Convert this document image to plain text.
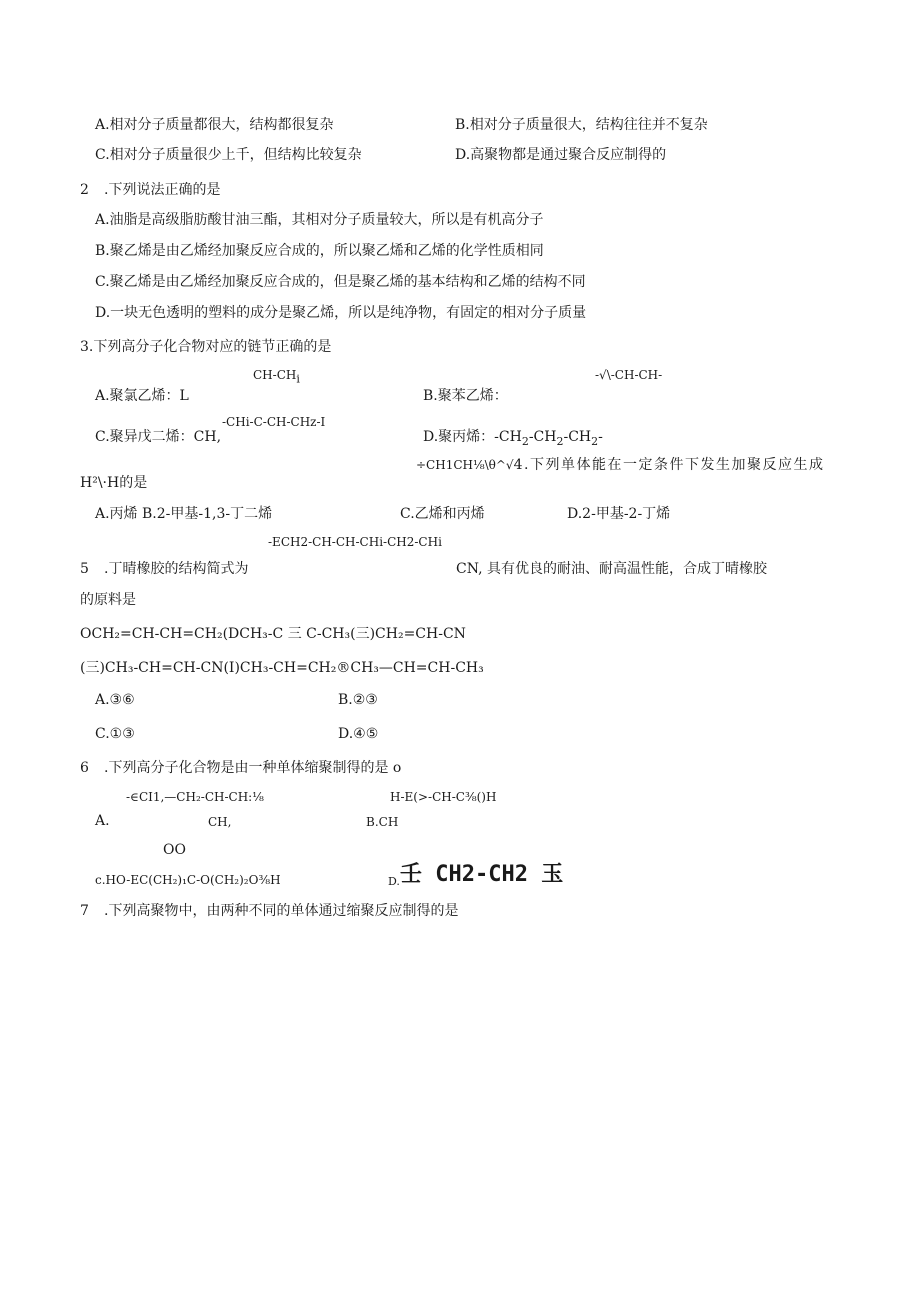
A.相对分子质量都很大，结构都很复杂	B.相对分子质量很大，结构往往并不复杂
C.相对分子质量很少上千，但结构比较复杂	D.高聚物都是通过聚合反应制得的
2 .下列说法正确的是
A.油脂是高级脂肪酸甘油三酯，其相对分子质量较大，所以是有机高分子
B.聚乙烯是由乙烯经加聚反应合成的，所以聚乙烯和乙烯的化学性质相同
C.聚乙烯是由乙烯经加聚反应合成的，但是聚乙烯的基本结构和乙烯的结构不同
D.一块无色透明的塑料的成分是聚乙烯，所以是纯净物，有固定的相对分子质量
3.下列高分子化合物对应的链节正确的是
$CH-CH_i$	-√\-CH-CH-
A.聚氯乙烯：L	B.聚苯乙烯：
-CHi-C-CH-CHz-I
C.聚异戊二烯：CH,	D.聚丙烯：$-CH_2-CH_2-CH_2-$
÷CH1CH⅛\θ^√4.下列单体能在一定条件下发生加聚反应生成
H²\·H的是
A.丙烯 B.2-甲基-1,3-丁二烯	C.乙烯和丙烯	D.2-甲基-2-丁烯
-ECH2-CH-CH-CHi-CH2-CHi
5 .丁晴橡胶的结构简式为	CN, 具有优良的耐油、耐高温性能，合成丁晴橡胶
的原料是
OCH₂=CH-CH=CH₂(DCH₃-C 三 C-CH₃(三)CH₂=CH-CN
(三)CH₃-CH=CH-CN(I)CH₃-CH=CH₂®CH₃—CH=CH-CH₃
A.③⑥	B.②③
C.①③	D.④⑤
6 .下列高分子化合物是由一种单体缩聚制得的是 o
-∈CI1,—CH₂-CH-CH:⅛	H-E(>-CH-C⅜()H
A.	CH,	B.CH
OO
c.HO-EC(CH₂)₁C-O(CH₂)₂O⅜H	D. 壬 CH2-CH2 玉
7 .下列高聚物中，由两种不同的单体通过缩聚反应制得的是
